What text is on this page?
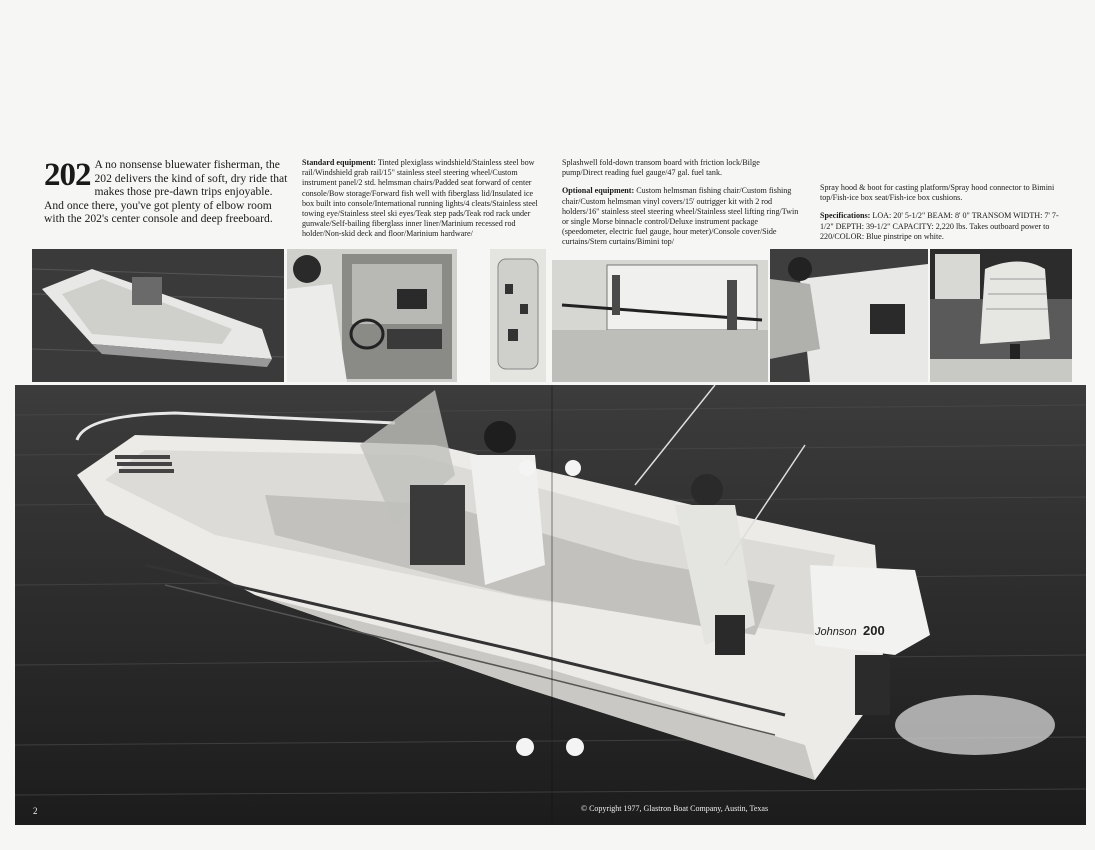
202 A no nonsense bluewater fisherman, the 202 delivers the kind of soft, dry ride that makes those pre-dawn trips enjoyable. And once there, you've got plenty of elbow room with the 202's center console and deep freeboard.

Standard equipment: Tinted plexiglass windshield/Stainless steel bow rail/Windshield grab rail/15" stainless steel steering wheel/Custom instrument panel/2 std. helmsman chairs/Padded seat forward of center console/Bow storage/Forward fish well with fiberglass lid/Insulated ice box built into console/International running lights/4 cleats/Stainless steel towing eye/Stainless steel ski eyes/Teak step pads/Teak rod rack under gunwale/Self-bailing fiberglass inner liner/Marinium recessed rod holder/Non-skid deck and floor/Marinium hardware/

Splashwell fold-down transom board with friction lock/Bilge pump/Direct reading fuel gauge/47 gal. fuel tank.

Optional equipment: Custom helmsman fishing chair/Custom fishing chair/Custom helmsman vinyl covers/15' outrigger kit with 2 rod holders/16" stainless steel steering wheel/Stainless steel lifting ring/Twin or single Morse binnacle control/Deluxe instrument package (speedometer, electric fuel gauge, hour meter)/Console cover/Side curtains/Stern curtains/Bimini top/

Spray hood & boot for casting platform/Spray hood connector to Bimini top/Fish-ice box seat/Fish-ice box cushions.

Specifications: LOA: 20' 5-1/2" BEAM: 8' 0" TRANSOM WIDTH: 7' 7-1/2" DEPTH: 39-1/2" CAPACITY: 2,220 lbs. Takes outboard power to 220/COLOR: Blue pinstripe on white.

Johnson 200
2	© Copyright 1977, Glastron Boat Company, Austin, Texas
